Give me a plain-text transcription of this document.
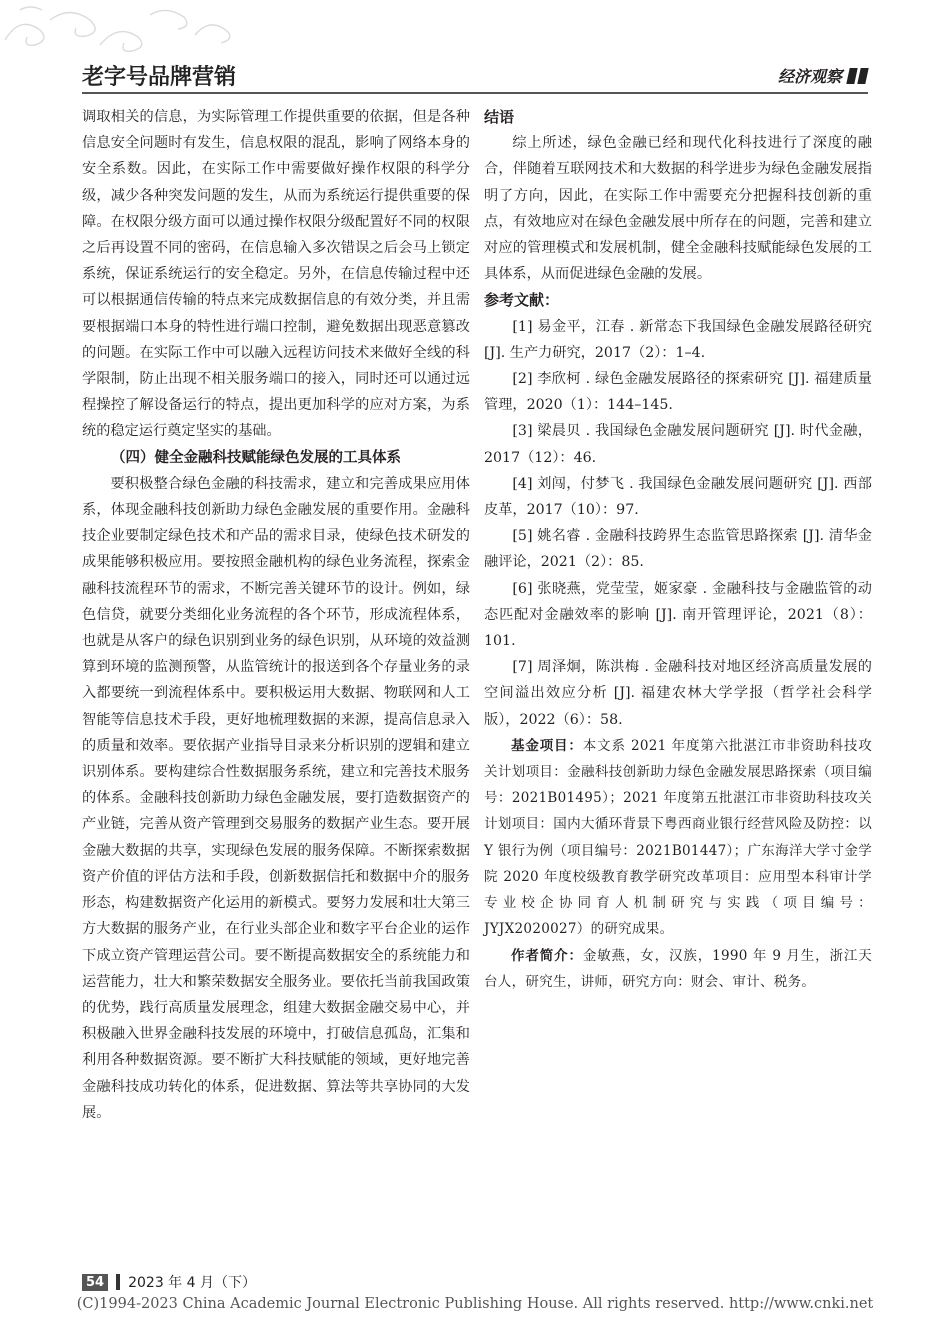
老字号品牌营销	经济观察

调取相关的信息，为实际管理工作提供重要的依据，但是各种信息安全问题时有发生，信息权限的混乱，影响了网络本身的安全系数。因此，在实际工作中需要做好操作权限的科学分级，减少各种突发问题的发生，从而为系统运行提供重要的保障。在权限分级方面可以通过操作权限分级配置好不同的权限之后再设置不同的密码，在信息输入多次错误之后会马上锁定系统，保证系统运行的安全稳定。另外，在信息传输过程中还可以根据通信传输的特点来完成数据信息的有效分类，并且需要根据端口本身的特性进行端口控制，避免数据出现恶意篡改的问题。在实际工作中可以融入远程访问技术来做好全线的科学限制，防止出现不相关服务端口的接入，同时还可以通过远程操控了解设备运行的特点，提出更加科学的应对方案，为系统的稳定运行奠定坚实的基础。

（四）健全金融科技赋能绿色发展的工具体系

要积极整合绿色金融的科技需求，建立和完善成果应用体系，体现金融科技创新助力绿色金融发展的重要作用。金融科技企业要制定绿色技术和产品的需求目录，使绿色技术研发的成果能够积极应用。要按照金融机构的绿色业务流程，探索金融科技流程环节的需求，不断完善关键环节的设计。例如，绿色信贷，就要分类细化业务流程的各个环节，形成流程体系，也就是从客户的绿色识别到业务的绿色识别，从环境的效益测算到环境的监测预警，从监管统计的报送到各个存量业务的录入都要统一到流程体系中。要积极运用大数据、物联网和人工智能等信息技术手段，更好地梳理数据的来源，提高信息录入的质量和效率。要依据产业指导目录来分析识别的逻辑和建立识别体系。要构建综合性数据服务系统，建立和完善技术服务的体系。金融科技创新助力绿色金融发展，要打造数据资产的产业链，完善从资产管理到交易服务的数据产业生态。要开展金融大数据的共享，实现绿色发展的服务保障。不断探索数据资产价值的评估方法和手段，创新数据信托和数据中介的服务形态，构建数据资产化运用的新模式。要努力发展和壮大第三方大数据的服务产业，在行业头部企业和数字平台企业的运作下成立资产管理运营公司。要不断提高数据安全的系统能力和运营能力，壮大和繁荣数据安全服务业。要依托当前我国政策的优势，践行高质量发展理念，组建大数据金融交易中心，并积极融入世界金融科技发展的环境中，打破信息孤岛，汇集和利用各种数据资源。要不断扩大科技赋能的领域，更好地完善金融科技成功转化的体系，促进数据、算法等共享协同的大发展。

结语

综上所述，绿色金融已经和现代化科技进行了深度的融合，伴随着互联网技术和大数据的科学进步为绿色金融发展指明了方向，因此，在实际工作中需要充分把握科技创新的重点，有效地应对在绿色金融发展中所存在的问题，完善和建立对应的管理模式和发展机制，健全金融科技赋能绿色发展的工具体系，从而促进绿色金融的发展。

参考文献：

[1] 易金平，江春 . 新常态下我国绿色金融发展路径研究 [J]. 生产力研究，2017（2）：1–4.

[2] 李欣柯 . 绿色金融发展路径的探索研究 [J]. 福建质量管理，2020（1）：144–145.

[3] 梁晨贝 . 我国绿色金融发展问题研究 [J]. 时代金融，2017（12）：46.

[4] 刘闯，付梦飞 . 我国绿色金融发展问题研究 [J]. 西部皮革，2017（10）：97.

[5] 姚名睿 . 金融科技跨界生态监管思路探索 [J]. 清华金融评论，2021（2）：85.

[6] 张晓燕，党莹莹，姬家豪 . 金融科技与金融监管的动态匹配对金融效率的影响 [J]. 南开管理评论，2021（8）：101.

[7] 周泽炯，陈洪梅 . 金融科技对地区经济高质量发展的空间溢出效应分析 [J]. 福建农林大学学报（哲学社会科学版），2022（6）：58.

基金项目：本文系 2021 年度第六批湛江市非资助科技攻关计划项目：金融科技创新助力绿色金融发展思路探索（项目编号：2021B01495）；2021 年度第五批湛江市非资助科技攻关计划项目：国内大循环背景下粤西商业银行经营风险及防控：以 Y 银行为例（项目编号：2021B01447）；广东海洋大学寸金学院 2020 年度校级教育教学研究改革项目：应用型本科审计学专业校企协同育人机制研究与实践（项目编号：JYJX2020027）的研究成果。

作者简介：金敏燕，女，汉族，1990 年 9 月生，浙江天台人，研究生，讲师，研究方向：财会、审计、税务。

54 2023 年 4 月（下）
(C)1994-2023 China Academic Journal Electronic Publishing House. All rights reserved. http://www.cnki.net
